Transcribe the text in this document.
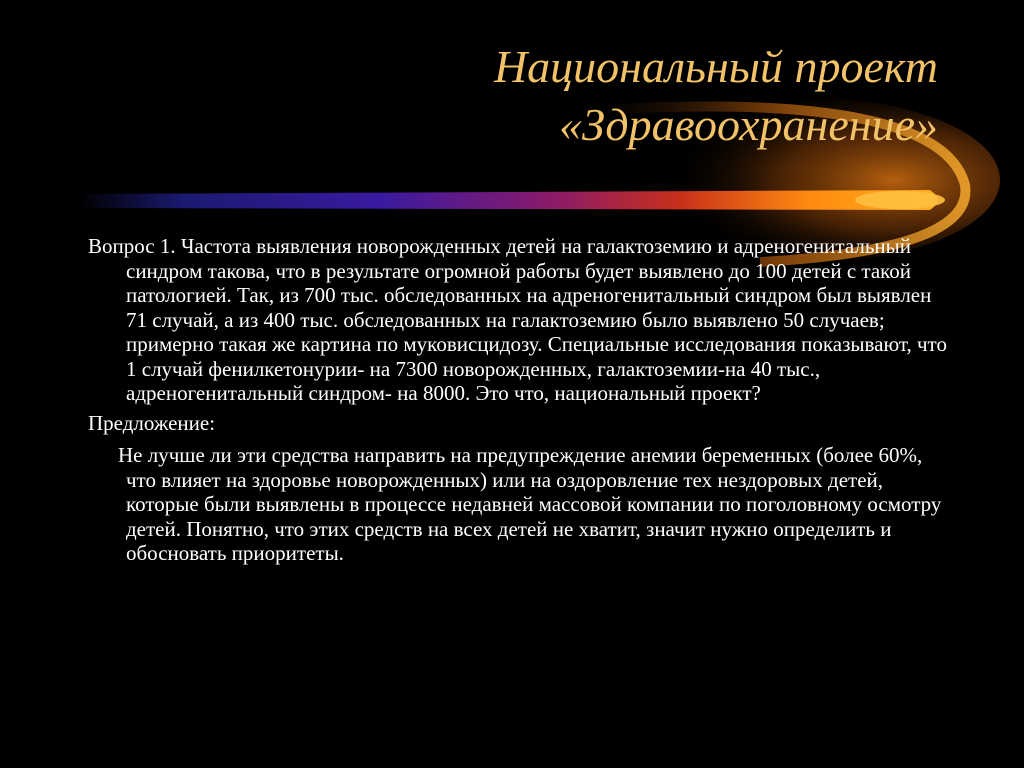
Национальный проект
«Здравоохранение»

Вопрос 1. Частота выявления новорожденных детей на галактоземию и адреногенитальный синдром такова, что в результате огромной работы будет выявлено до 100 детей с такой патологией. Так, из 700 тыс. обследованных на адреногенитальный синдром был выявлен 71 случай, а из 400 тыс. обследованных на галактоземию было выявлено 50 случаев; примерно такая же картина по муковисцидозу. Специальные исследования показывают, что 1 случай фенилкетонурии- на 7300 новорожденных, галактоземии-на 40 тыс., адреногенитальный синдром- на 8000. Это что, национальный проект?

Предложение:

Не лучше ли эти средства направить на предупреждение анемии беременных (более 60%, что влияет на здоровье новорожденных) или на оздоровление тех нездоровых детей, которые были выявлены в процессе недавней массовой компании по поголовному осмотру детей. Понятно, что этих средств на всех детей не хватит, значит нужно определить и обосновать приоритеты.
